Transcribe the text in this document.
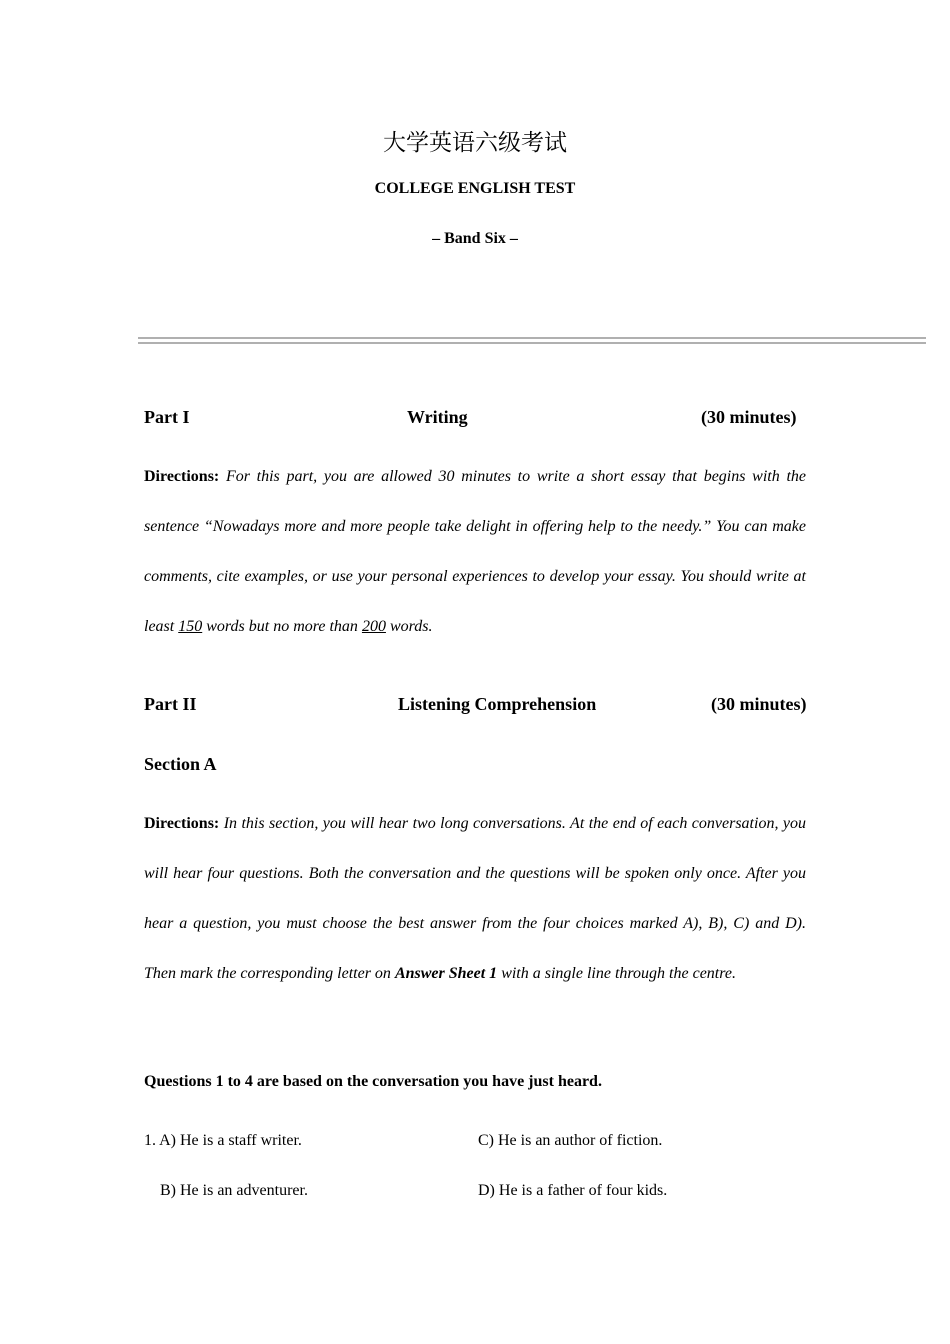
大学英语六级考试
COLLEGE ENGLISH TEST
– Band Six –
Part I	Writing	(30 minutes)
Directions: For this part, you are allowed 30 minutes to write a short essay that begins with the sentence “Nowadays more and more people take delight in offering help to the needy.” You can make comments, cite examples, or use your personal experiences to develop your essay. You should write at least 150 words but no more than 200 words.
Part II	Listening Comprehension	(30 minutes)
Section A
Directions: In this section, you will hear two long conversations. At the end of each conversation, you will hear four questions. Both the conversation and the questions will be spoken only once. After you hear a question, you must choose the best answer from the four choices marked A), B), C) and D). Then mark the corresponding letter on Answer Sheet 1 with a single line through the centre.
Questions 1 to 4 are based on the conversation you have just heard.
1. A) He is a staff writer.	C) He is an author of fiction.
B) He is an adventurer.	D) He is a father of four kids.
